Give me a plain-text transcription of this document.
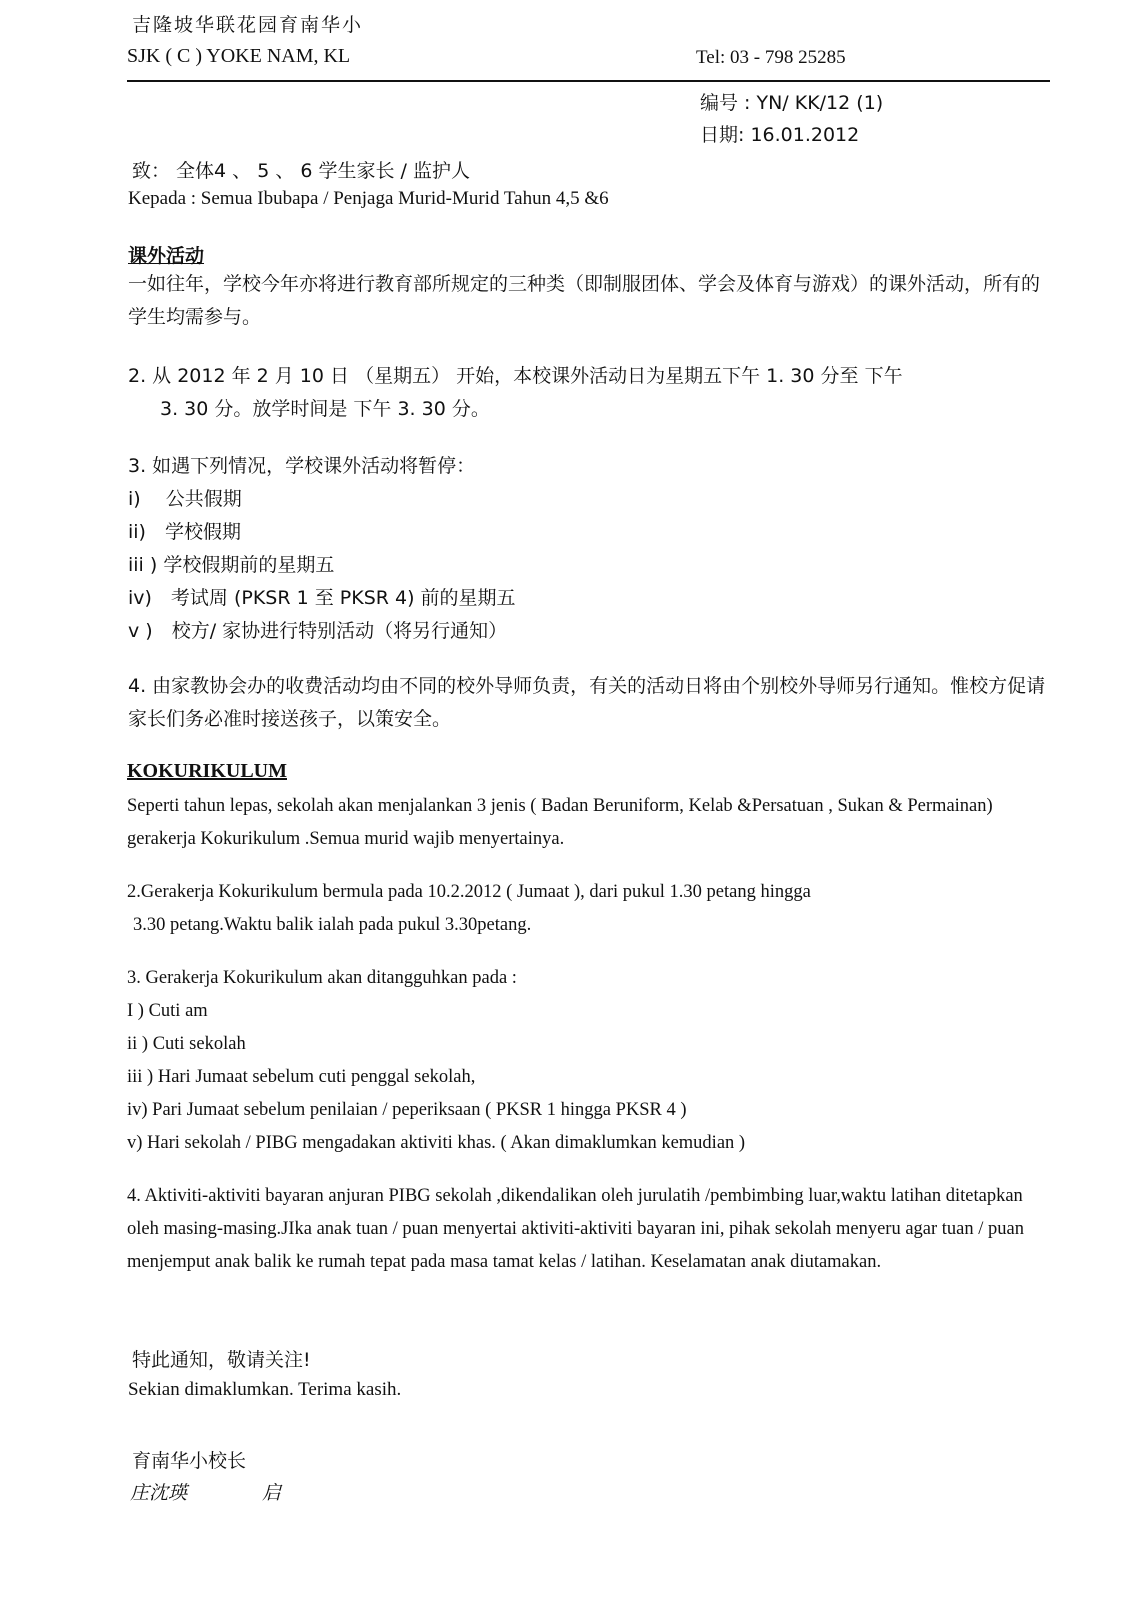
吉隆坡华联花园育南华小
SJK ( C ) YOKE NAM, KL	Tel: 03 - 798 25285
编号 : YN/ KK/12 (1)
日期: 16.01.2012
致： 全体4 、 5 、 6 学生家长 / 监护人
Kepada : Semua Ibubapa / Penjaga Murid-Murid Tahun 4,5 &6
课外活动
一如往年，学校今年亦将进行教育部所规定的三种类（即制服团体、学会及体育与游戏）的课外活动，所有的学生均需参与。
2. 从 2012 年 2 月 10 日 （星期五） 开始，本校课外活动日为星期五下午 1. 30 分至 下午
3. 30 分。放学时间是 下午 3. 30 分。
3. 如遇下列情况，学校课外活动将暂停：
i)　 公共假期
ii)　学校假期
iii ) 学校假期前的星期五
iv)　考试周 (PKSR 1 至 PKSR 4) 前的星期五
v )　校方/ 家协进行特别活动（将另行通知）
4. 由家教协会办的收费活动均由不同的校外导师负责，有关的活动日将由个别校外导师另行通知。惟校方促请家长们务必准时接送孩子，以策安全。
KOKURIKULUM
Seperti tahun lepas, sekolah akan menjalankan 3 jenis ( Badan Beruniform, Kelab &Persatuan , Sukan & Permainan) gerakerja Kokurikulum .Semua murid wajib menyertainya.
2.Gerakerja Kokurikulum bermula pada 10.2.2012 ( Jumaat ), dari pukul 1.30 petang hingga
3.30 petang.Waktu balik ialah pada pukul 3.30petang.
3. Gerakerja Kokurikulum akan ditangguhkan pada :
I ) Cuti am
ii ) Cuti sekolah
iii ) Hari Jumaat sebelum cuti penggal sekolah,
iv) Pari Jumaat sebelum penilaian / peperiksaan ( PKSR 1 hingga PKSR 4 )
v) Hari sekolah / PIBG mengadakan aktiviti khas. ( Akan dimaklumkan kemudian )
4. Aktiviti-aktiviti bayaran anjuran PIBG sekolah ,dikendalikan oleh jurulatih /pembimbing luar,waktu latihan ditetapkan oleh masing-masing.JIka anak tuan / puan menyertai aktiviti-aktiviti bayaran ini, pihak sekolah menyeru agar tuan / puan menjemput anak balik ke rumah tepat pada masa tamat kelas / latihan. Keselamatan anak diutamakan.
特此通知，敬请关注!
Sekian dimaklumkan. Terima kasih.
育南华小校长
庄沈瑛	启
